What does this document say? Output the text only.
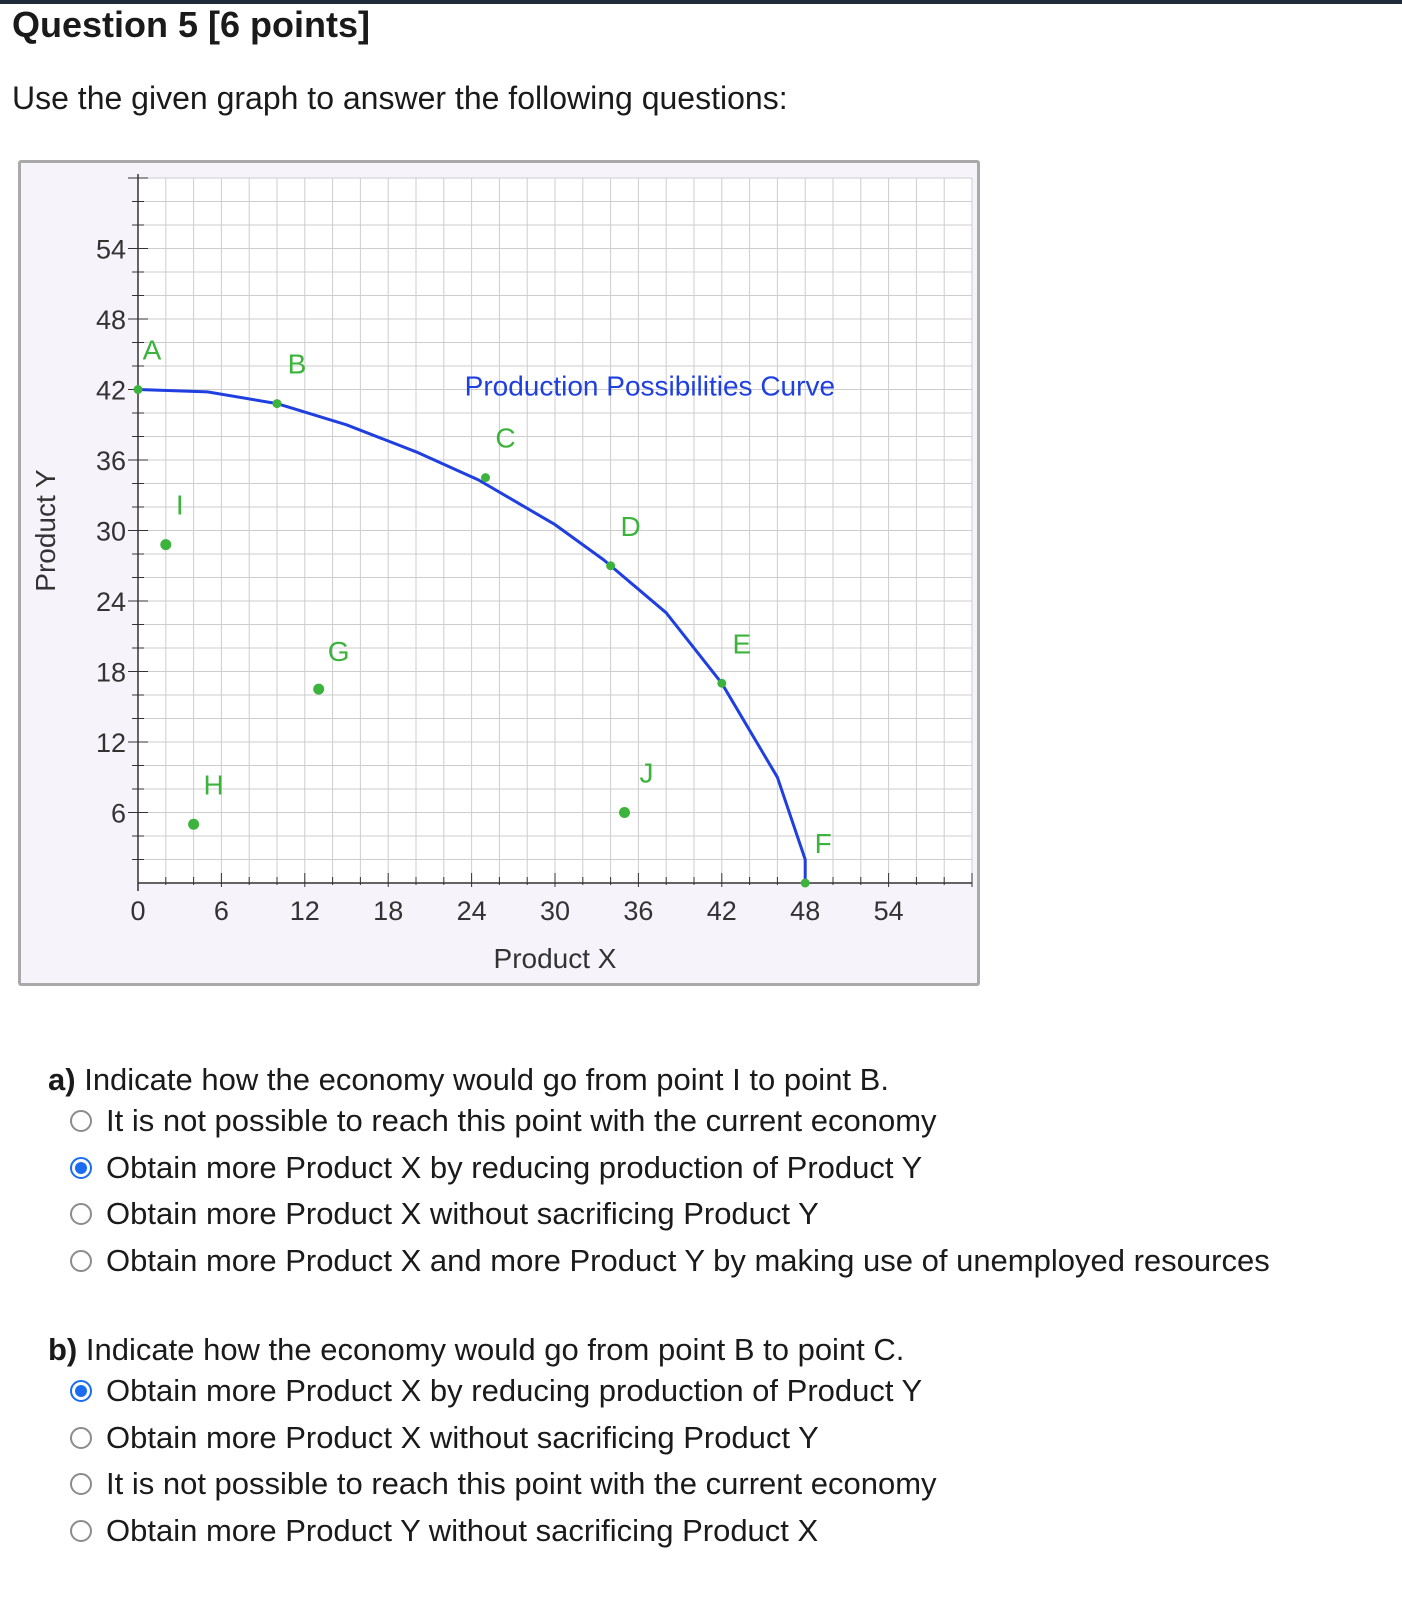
Question 5 [6 points]
Use the given graph to answer the following questions:
0	6 12 18 24 30 36 42 48 54
6
12
18
24
30
36
42
48
54
Product X
Product Y
Production Possibilities Curve
A	B
C
D
E
F
G
H
I
J
a) Indicate how the economy would go from point I to point B.
It is not possible to reach this point with the current economy
Obtain more Product X by reducing production of Product Y
Obtain more Product X without sacrificing Product Y
Obtain more Product X and more Product Y by making use of unemployed resources
b) Indicate how the economy would go from point B to point C.
Obtain more Product X by reducing production of Product Y
Obtain more Product X without sacrificing Product Y
It is not possible to reach this point with the current economy
Obtain more Product Y without sacrificing Product X
